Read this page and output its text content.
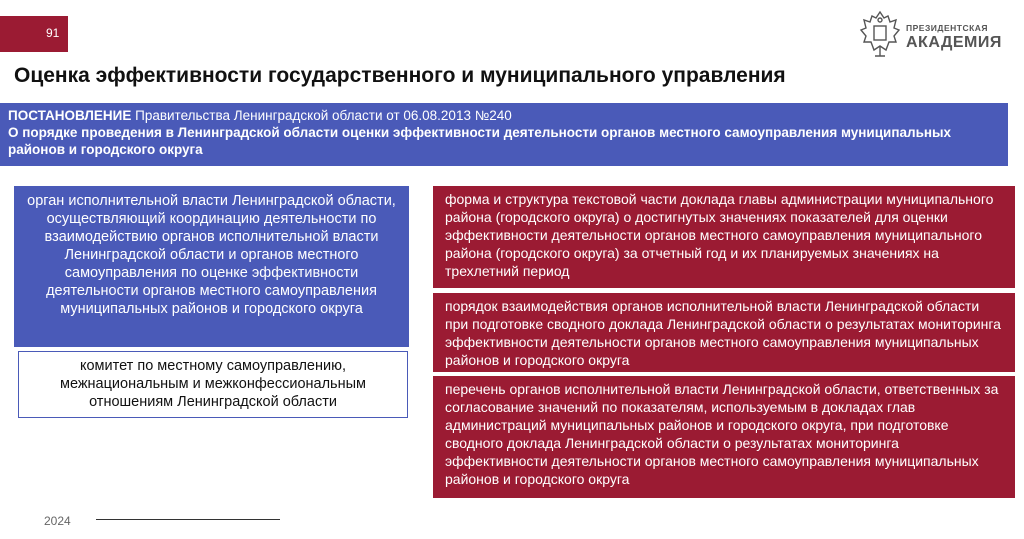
91	ПРЕЗИДЕНТСКАЯ
АКАДЕМИЯ
Оценка эффективности государственного и муниципального управления
ПОСТАНОВЛЕНИЕ Правительства Ленинградской области от 06.08.2013 №240
О порядке проведения в Ленинградской области оценки эффективности деятельности органов местного самоуправления муниципальных районов и городского округа
орган исполнительной власти Ленинградской области, осуществляющий координацию деятельности по взаимодействию органов исполнительной власти Ленинградской области и органов местного самоуправления по оценке эффективности деятельности органов местного самоуправления муниципальных районов и городского округа
комитет по местному самоуправлению, межнациональным и межконфессиональным отношениям Ленинградской области
форма и структура текстовой части доклада главы администрации муниципального района (городского округа) о достигнутых значениях показателей для оценки эффективности деятельности органов местного самоуправления муниципального района (городского округа) за отчетный год и их планируемых значениях на трехлетний период
порядок взаимодействия органов исполнительной власти Ленинградской области при подготовке сводного доклада Ленинградской области о результатах мониторинга эффективности деятельности органов местного самоуправления муниципальных районов и городского округа
перечень органов исполнительной власти Ленинградской области, ответственных за согласование значений по показателям, используемым в докладах глав администраций муниципальных районов и городского округа, при подготовке сводного доклада Ленинградской области о результатах мониторинга эффективности деятельности органов местного самоуправления муниципальных районов и городского округа
2024
